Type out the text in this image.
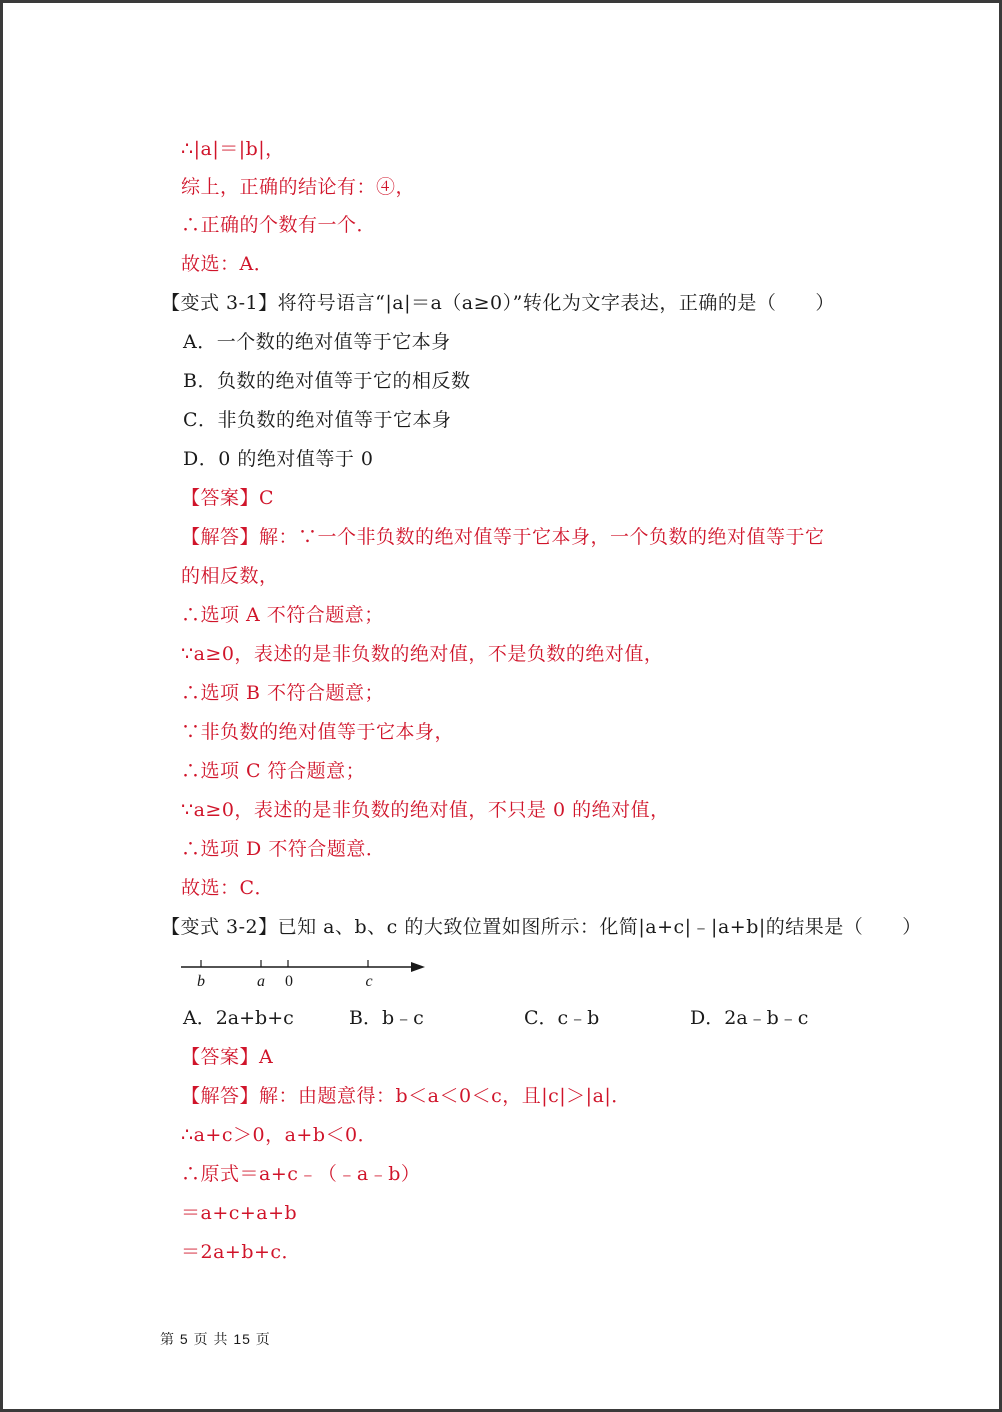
∴|a|＝|b|，
综上，正确的结论有：④，
∴正确的个数有一个．
故选：A．
【变式 3-1】将符号语言“|a|＝a（a≥0）”转化为文字表达，正确的是（　　）
A．一个数的绝对值等于它本身
B．负数的绝对值等于它的相反数
C．非负数的绝对值等于它本身
D．0 的绝对值等于 0
【答案】C
【解答】解：∵一个非负数的绝对值等于它本身，一个负数的绝对值等于它
的相反数，
∴选项 A 不符合题意；
∵a≥0，表述的是非负数的绝对值，不是负数的绝对值，
∴选项 B 不符合题意；
∵非负数的绝对值等于它本身，
∴选项 C 符合题意；
∵a≥0，表述的是非负数的绝对值，不只是 0 的绝对值，
∴选项 D 不符合题意．
故选：C．
【变式 3-2】已知 a、b、c 的大致位置如图所示：化简|a+c|﹣|a+b|的结果是（　　）
b	a 0	c
A．2a+b+c	B．b﹣c	C．c﹣b	D．2a﹣b﹣c
【答案】A
【解答】解：由题意得：b＜a＜0＜c，且|c|＞|a|．
∴a+c＞0，a+b＜0．
∴原式＝a+c﹣（﹣a﹣b）
＝a+c+a+b
＝2a+b+c．
第 5 页 共 15 页
